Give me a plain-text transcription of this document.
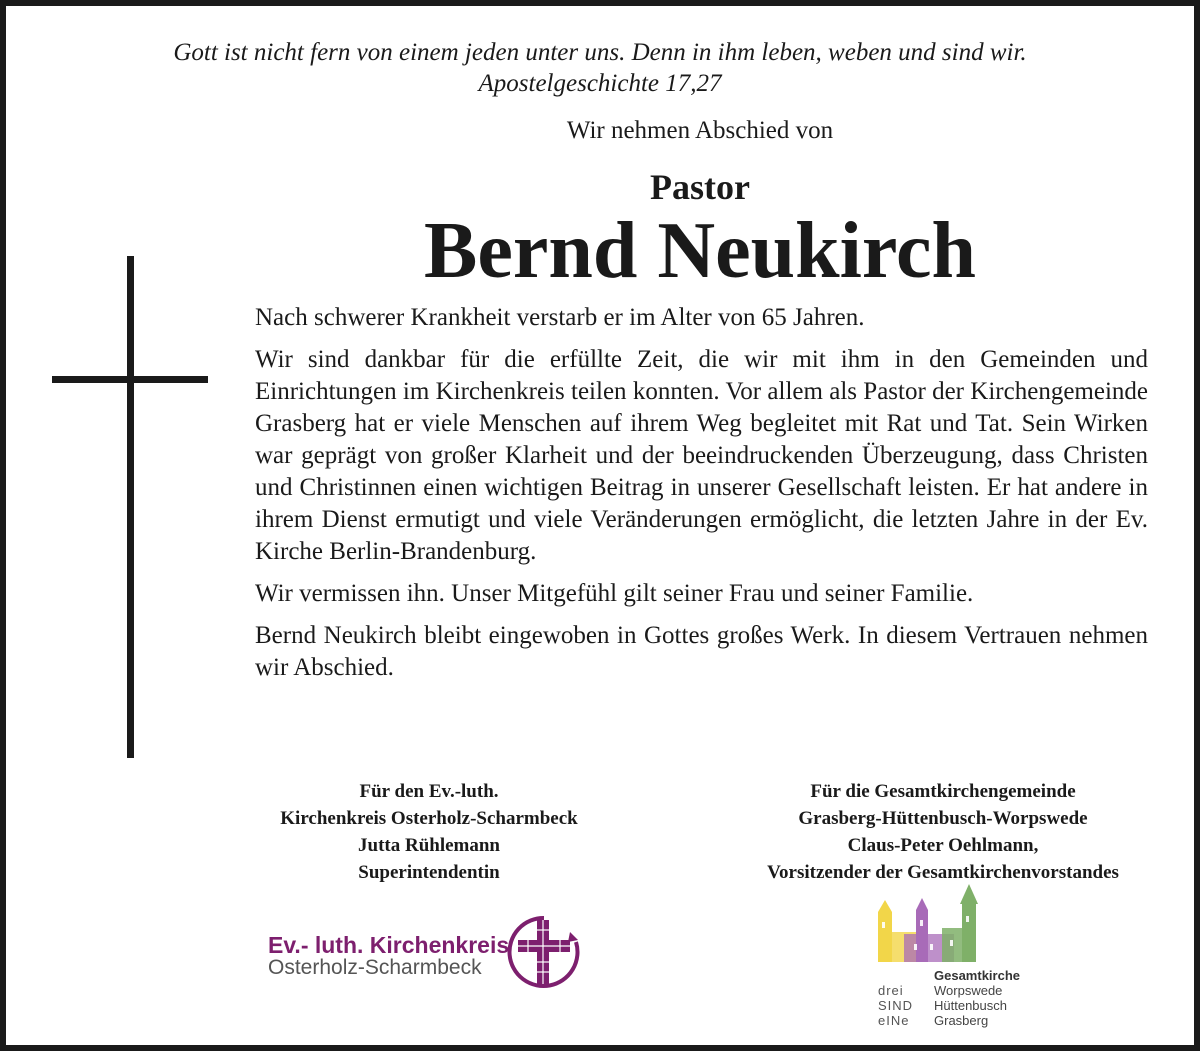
Gott ist nicht fern von einem jeden unter uns. Denn in ihm leben, weben und sind wir.
Apostelgeschichte 17,27
Wir nehmen Abschied von
Pastor
Bernd Neukirch

Nach schwerer Krankheit verstarb er im Alter von 65 Jahren.

Wir sind dankbar für die erfüllte Zeit, die wir mit ihm in den Gemeinden und Einrichtungen im Kirchenkreis teilen konnten. Vor allem als Pastor der Kirchengemeinde Grasberg hat er viele Menschen auf ihrem Weg begleitet mit Rat und Tat. Sein Wirken war geprägt von großer Klarheit und der beeindruckenden Überzeugung, dass Christen und Christinnen einen wichtigen Beitrag in unserer Gesellschaft leisten. Er hat andere in ihrem Dienst ermutigt und viele Veränderungen ermöglicht, die letzten Jahre in der Ev. Kirche Berlin-Brandenburg.

Wir vermissen ihn. Unser Mitgefühl gilt seiner Frau und seiner Familie.

Bernd Neukirch bleibt eingewoben in Gottes großes Werk. In diesem Vertrauen nehmen wir Abschied.

Für den Ev.-luth.
Kirchenkreis Osterholz-Scharmbeck
Jutta Rühlemann
Superintendentin
Für die Gesamtkirchengemeinde
Grasberg-Hüttenbusch-Worpswede
Claus-Peter Oehlmann,
Vorsitzender der Gesamtkirchenvorstandes
Ev.- luth. Kirchenkreis
Osterholz-Scharmbeck	Gesamtkirche
drei Worpswede
SIND Hüttenbusch
eINe Grasberg
